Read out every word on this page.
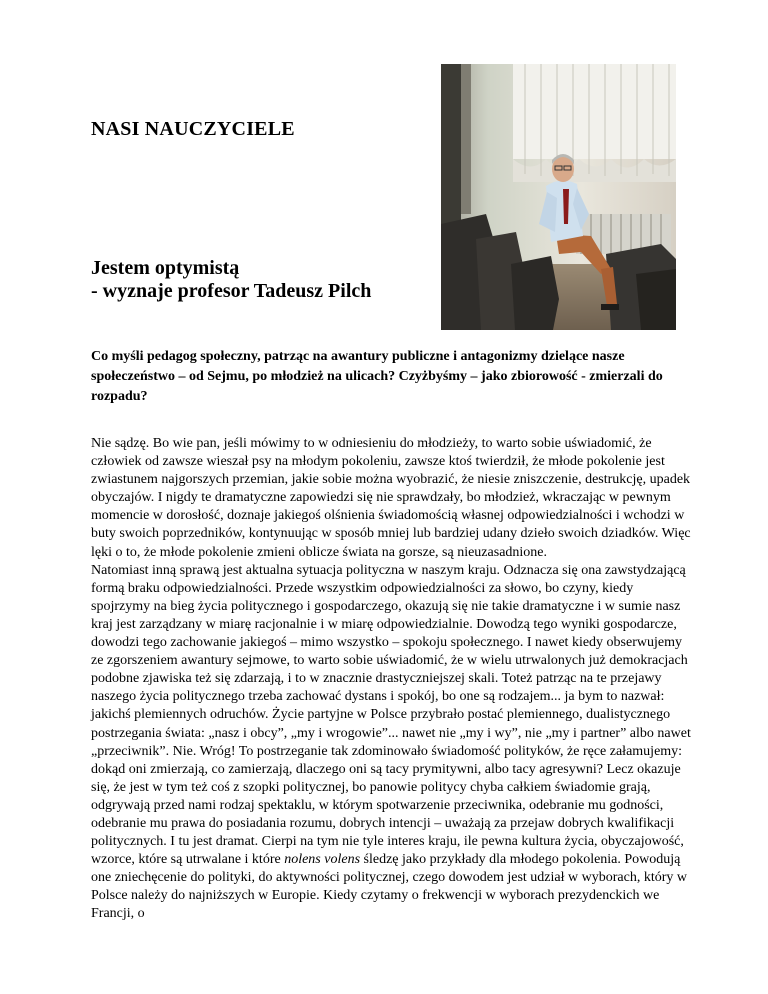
NASI NAUCZYCIELE
Jestem optymistą
- wyznaje profesor Tadeusz Pilch

Co myśli pedagog społeczny, patrząc na awantury publiczne i antagonizmy dzielące nasze społeczeństwo – od Sejmu, po młodzież na ulicach? Czyżbyśmy – jako zbiorowość - zmierzali do rozpadu?

Nie sądzę. Bo wie pan, jeśli mówimy to w odniesieniu do młodzieży, to warto sobie uświadomić, że człowiek od zawsze wieszał psy na młodym pokoleniu, zawsze ktoś twierdził, że młode pokolenie jest zwiastunem najgorszych przemian, jakie sobie można wyobrazić, że niesie zniszczenie, destrukcję, upadek obyczajów. I nigdy te dramatyczne zapowiedzi się nie sprawdzały, bo młodzież, wkraczając w pewnym momencie w dorosłość, doznaje jakiegoś olśnienia świadomością własnej odpowiedzialności i wchodzi w buty swoich poprzedników, kontynuując w sposób mniej lub bardziej udany dzieło swoich dziadków. Więc lęki o to, że młode pokolenie zmieni oblicze świata na gorsze, są nieuzasadnione.

Natomiast inną sprawą jest aktualna sytuacja polityczna w naszym kraju. Odznacza się ona zawstydzającą formą braku odpowiedzialności. Przede wszystkim odpowiedzialności za słowo, bo czyny, kiedy spojrzymy na bieg życia politycznego i gospodarczego, okazują się nie takie dramatyczne i w sumie nasz kraj jest zarządzany w miarę racjonalnie i w miarę odpowiedzialnie. Dowodzą tego wyniki gospodarcze, dowodzi tego zachowanie jakiegoś – mimo wszystko – spokoju społecznego. I nawet kiedy obserwujemy ze zgorszeniem awantury sejmowe, to warto sobie uświadomić, że w wielu utrwalonych już demokracjach podobne zjawiska też się zdarzają, i to w znacznie drastyczniejszej skali. Toteż patrząc na te przejawy naszego życia politycznego trzeba zachować dystans i spokój, bo one są rodzajem... ja bym to nazwał: jakichś plemiennych odruchów. Życie partyjne w Polsce przybrało postać plemiennego, dualistycznego postrzegania świata: „nasz i obcy”, „my i wrogowie”... nawet nie „my i wy”, nie „my i partner” albo nawet „przeciwnik”. Nie. Wróg! To postrzeganie tak zdominowało świadomość polityków, że ręce załamujemy: dokąd oni zmierzają, co zamierzają, dlaczego oni są tacy prymitywni, albo tacy agresywni? Lecz okazuje się, że jest w tym też coś z szopki politycznej, bo panowie politycy chyba całkiem świadomie grają, odgrywają przed nami rodzaj spektaklu, w którym spotwarzenie przeciwnika, odebranie mu godności, odebranie mu prawa do posiadania rozumu, dobrych intencji – uważają za przejaw dobrych kwalifikacji politycznych. I tu jest dramat. Cierpi na tym nie tyle interes kraju, ile pewna kultura życia, obyczajowość, wzorce, które są utrwalane i które nolens volens śledzę jako przykłady dla młodego pokolenia. Powodują one zniechęcenie do polityki, do aktywności politycznej, czego dowodem jest udział w wyborach, który w Polsce należy do najniższych w Europie. Kiedy czytamy o frekwencji w wyborach prezydenckich we Francji, o
